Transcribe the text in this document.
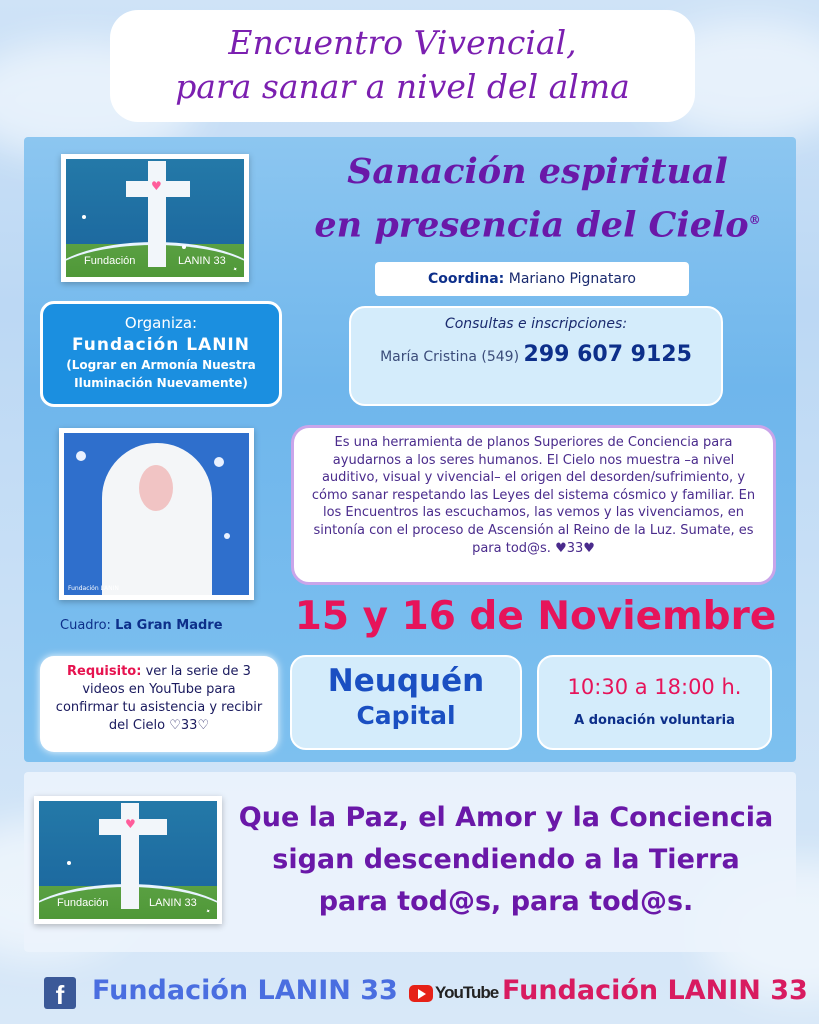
Encuentro Vivencial,
para sanar a nivel del alma
♥
Fundación	LANIN 33
✦
Sanación espiritual
en presencia del Cielo®
Coordina: Mariano Pignataro
Organiza:
Fundación LANIN
(Lograr en Armonía Nuestra
Iluminación Nuevamente)
Consultas e inscripciones:
María Cristina (549) 299 607 9125
Fundación LANIN
Es una herramienta de planos Superiores de Conciencia para ayudarnos a los seres humanos. El Cielo nos muestra –a nivel auditivo, visual y vivencial– el origen del desorden/sufrimiento, y cómo sanar respetando las Leyes del sistema cósmico y familiar. En los Encuentros las escuchamos, las vemos y las vivenciamos, en sintonía con el proceso de Ascensión al Reino de la Luz. Sumate, es para tod@s. ♥33♥
Cuadro: La Gran Madre 15 y 16 de Noviembre
Requisito: ver la serie de 3 videos en YouTube para confirmar tu asistencia y recibir del Cielo ♡33♡
Neuquén
Capital
10:30 a 18:00 h.
A donación voluntaria
♥
Fundación	LANIN 33
✦
Que la Paz, el Amor y la Conciencia
sigan descendiendo a la Tierra
para tod@s, para tod@s.
f	Fundación LANIN 33 YouTube Fundación LANIN 33
